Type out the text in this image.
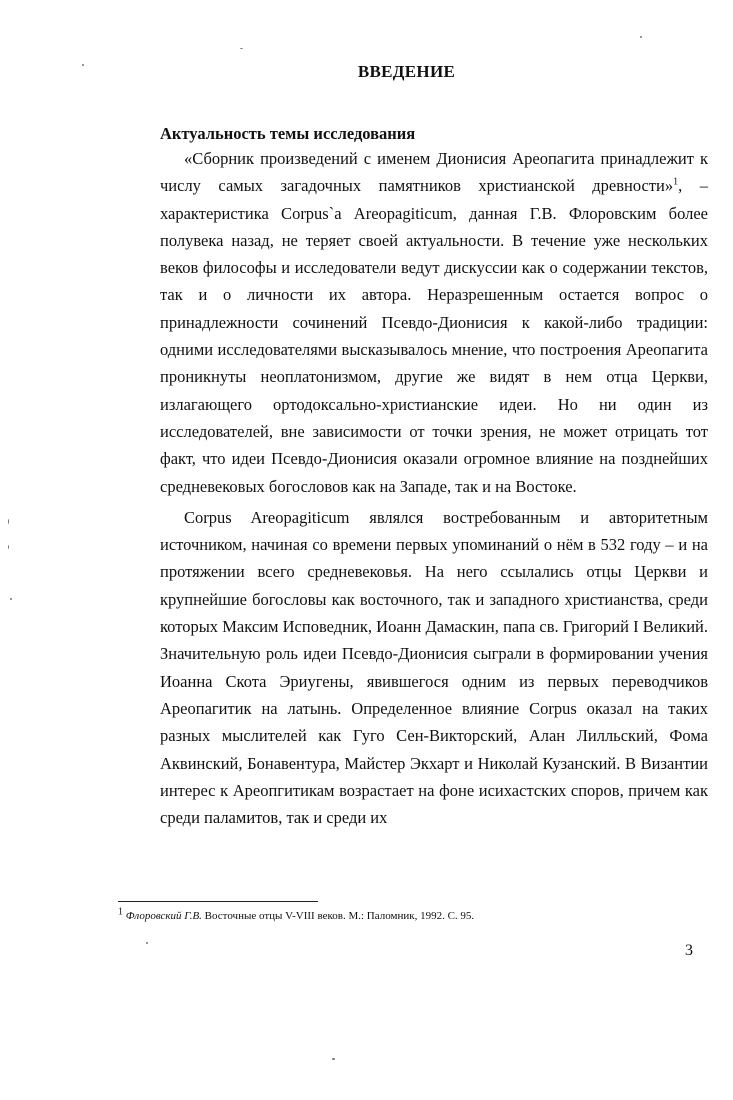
ВВЕДЕНИЕ
Актуальность темы исследования

«Сборник произведений с именем Дионисия Ареопагита принадлежит к числу самых загадочных памятников христианской древности»$^1$, – характеристика Corpus`а Areopagiticum, данная Г.В. Флоровским более полувека назад, не теряет своей актуальности. В течение уже нескольких веков философы и исследователи ведут дискуссии как о содержании текстов, так и о личности их автора. Неразрешенным остается вопрос о принадлежности сочинений Псевдо-Дионисия к какой-либо традиции: одними исследователями высказывалось мнение, что построения Ареопагита проникнуты неоплатонизмом, другие же видят в нем отца Церкви, излагающего ортодоксально-христианские идеи. Но ни один из исследователей, вне зависимости от точки зрения, не может отрицать тот факт, что идеи Псевдо-Дионисия оказали огромное влияние на позднейших средневековых богословов как на Западе, так и на Востоке.

Corpus Areopagiticum являлся востребованным и авторитетным источником, начиная со времени первых упоминаний о нём в 532 году – и на протяжении всего средневековья. На него ссылались отцы Церкви и крупнейшие богословы как восточного, так и западного христианства, среди которых Максим Исповедник, Иоанн Дамаскин, папа св. Григорий I Великий. Значительную роль идеи Псевдо-Дионисия сыграли в формировании учения Иоанна Скота Эриугены, явившегося одним из первых переводчиков Ареопагитик на латынь. Определенное влияние Corpus оказал на таких разных мыслителей как Гуго Сен-Викторский, Алан Лилльский, Фома Аквинский, Бонавентура, Майстер Экхарт и Николай Кузанский. В Византии интерес к Ареопгитикам возрастает на фоне исихастских споров, причем как среди паламитов, так и среди их

$^1$ Флоровский Г.В. Восточные отцы V-VIII веков. М.: Паломник, 1992. С. 95.
3
